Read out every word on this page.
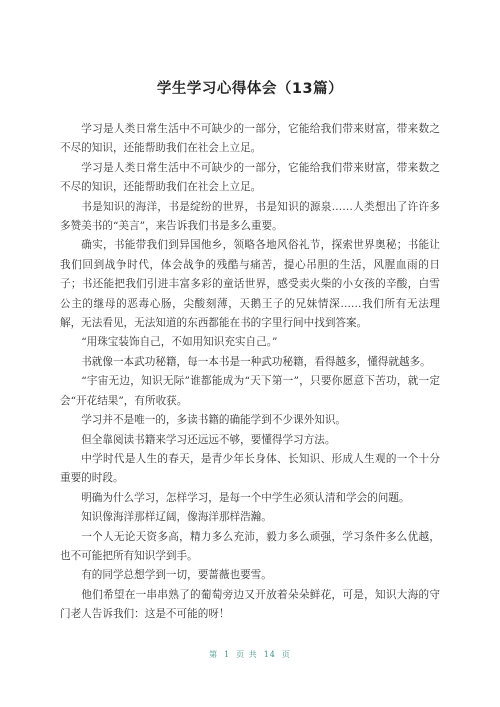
学生学习心得体会（13篇）

学习是人类日常生活中不可缺少的一部分，它能给我们带来财富，带来数之不尽的知识，还能帮助我们在社会上立足。

学习是人类日常生活中不可缺少的一部分，它能给我们带来财富，带来数之不尽的知识，还能帮助我们在社会上立足。

书是知识的海洋，书是绽纷的世界，书是知识的源泉……人类想出了许许多多赞美书的“美言”，来告诉我们书是多么重要。

确实，书能带我们到异国他乡，领略各地风俗礼节，探索世界奥秘；书能让我们回到战争时代，体会战争的残酷与痛苦，提心吊胆的生活，风腥血雨的日子；书还能把我们引进丰富多彩的童话世界，感受卖火柴的小女孩的辛酸，白雪公主的继母的恶毒心肠，尖酸刻薄，天鹅王子的兄妹情深……我们所有无法理解，无法看见，无法知道的东西都能在书的字里行间中找到答案。

“用珠宝装饰自己，不如用知识充实自己。”

书就像一本武功秘籍，每一本书是一种武功秘籍，看得越多，懂得就越多。

“宇宙无边，知识无际”谁都能成为“天下第一”，只要你愿意下苦功，就一定会“开花结果”，有所收获。

学习并不是唯一的，多读书籍的确能学到不少课外知识。

但全靠阅读书籍来学习还远远不够，要懂得学习方法。

中学时代是人生的春天，是青少年长身体、长知识、形成人生观的一个十分重要的时段。

明确为什么学习，怎样学习，是每一个中学生必须认清和学会的问题。

知识像海洋那样辽阔，像海洋那样浩瀚。

一个人无论天资多高，精力多么充沛，毅力多么顽强，学习条件多么优越，也不可能把所有知识学到手。

有的同学总想学到一切，要蔷薇也要雪。

他们希望在一串串熟了的葡萄旁边又开放着朵朵鲜花，可是，知识大海的守门老人告诉我们：这是不可能的呀！

第 1 页 共 14 页
